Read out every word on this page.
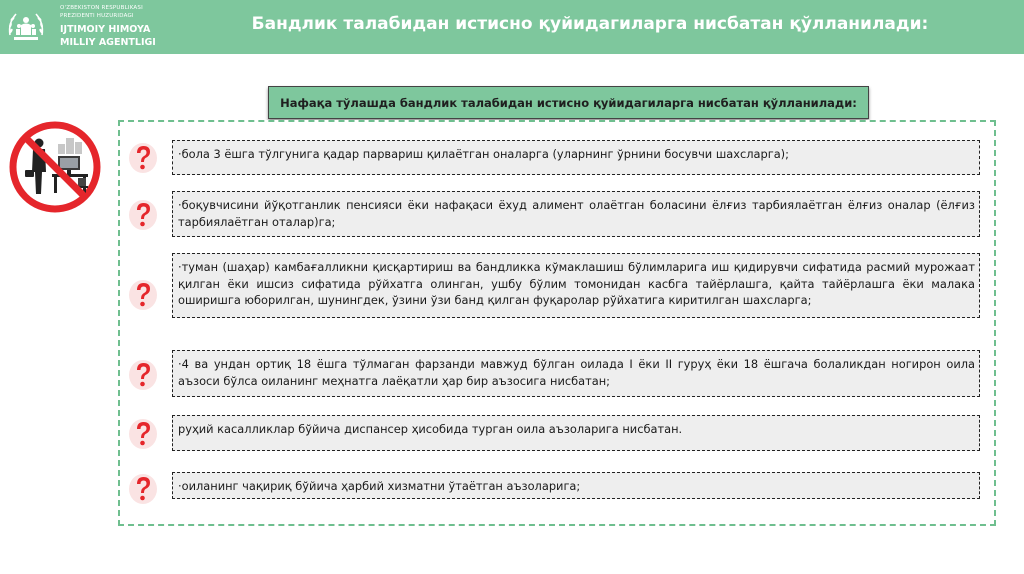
O'ZBEKISTON RESPUBLIKASI
PREZIDENTI HUZURIDAGI
IJTIMOIY HIMOYA
MILLIY AGENTLIGI
Бандлик талабидан истисно қуйидагиларга нисбатан қўлланилади:
Нафақа тўлашда бандлик талабидан истисно қуйидагиларга нисбатан қўлланилади:
·бола 3 ёшга тўлгунига қадар парвариш қилаётган оналарга (уларнинг ўрнини босувчи шахсларга);
·боқувчисини йўқотганлик пенсияси ёки нафақаси ёхуд алимент олаётган боласини ёлғиз тарбиялаётган ёлғиз оналар (ёлғиз тарбиялаётган оталар)га;
·туман (шаҳар) камбағалликни қисқартириш ва бандликка кўмаклашиш бўлимларига иш қидирувчи сифатида расмий мурожаат қилган ёки ишсиз сифатида рўйхатга олинган, ушбу бўлим томонидан касбга тайёрлашга, қайта тайёрлашга ёки малака оширишга юборилган, шунингдек, ўзини ўзи банд қилган фуқаролар рўйхатига киритилган шахсларга;
·4 ва ундан ортиқ 18 ёшга тўлмаган фарзанди мавжуд бўлган оилада I ёки II гуруҳ ёки 18 ёшгача болаликдан ногирон оила аъзоси бўлса оиланинг меҳнатга лаёқатли ҳар бир аъзосига нисбатан;
руҳий касалликлар бўйича диспансер ҳисобида турган оила аъзоларига нисбатан.
·оиланинг чақириқ бўйича ҳарбий хизматни ўтаётган аъзоларига;
